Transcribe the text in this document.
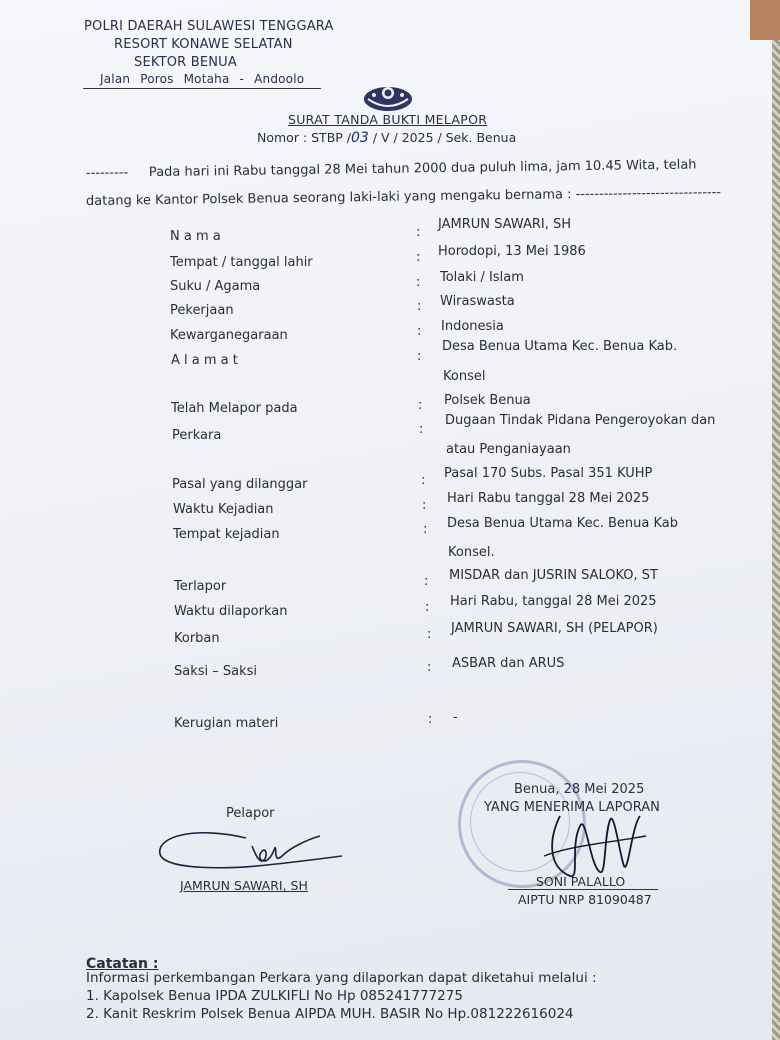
POLRI DAERAH SULAWESI TENGGARA
RESORT KONAWE SELATAN
SEKTOR BENUA
Jalan Poros Motaha - Andoolo
SURAT TANDA BUKTI MELAPOR
Nomor : STBP /03 / V / 2025 / Sek. Benua
--------- Pada hari ini Rabu tanggal 28 Mei tahun 2000 dua puluh lima, jam 10.45 Wita, telah
datang ke Kantor Polsek Benua seorang laki-laki yang mengaku bernama : -------------------------------
N a m a	:
JAMRUN SAWARI, SH
Tempat / tanggal lahir	: Horodopi, 13 Mei 1986
Suku / Agama	: Tolaki / Islam
Pekerjaan	: Wiraswasta
Kewarganegaraan	: Indonesia
A l a m a t	:
Desa Benua Utama Kec. Benua Kab.
Konsel
Telah Melapor pada	: Polsek Benua
Perkara	:
Dugaan Tindak Pidana Pengeroyokan dan
atau Penganiayaan
Pasal yang dilanggar	: Pasal 170 Subs. Pasal 351 KUHP
Waktu Kejadian	: Hari Rabu tanggal 28 Mei 2025
Tempat kejadian	: Desa Benua Utama Kec. Benua Kab
Konsel.
Terlapor	: MISDAR dan JUSRIN SALOKO, ST
Waktu dilaporkan	: Hari Rabu, tanggal 28 Mei 2025
Korban	: JAMRUN SAWARI, SH (PELAPOR)
Saksi – Saksi	: ASBAR dan ARUS
Kerugian materi	: -
Pelapor
JAMRUN SAWARI, SH
Benua, 28 Mei 2025
YANG MENERIMA LAPORAN
SONI PALALLO
AIPTU NRP 81090487
Catatan :
Informasi perkembangan Perkara yang dilaporkan dapat diketahui melalui :
1. Kapolsek Benua IPDA ZULKIFLI No Hp 085241777275
2. Kanit Reskrim Polsek Benua AIPDA MUH. BASIR No Hp.081222616024
